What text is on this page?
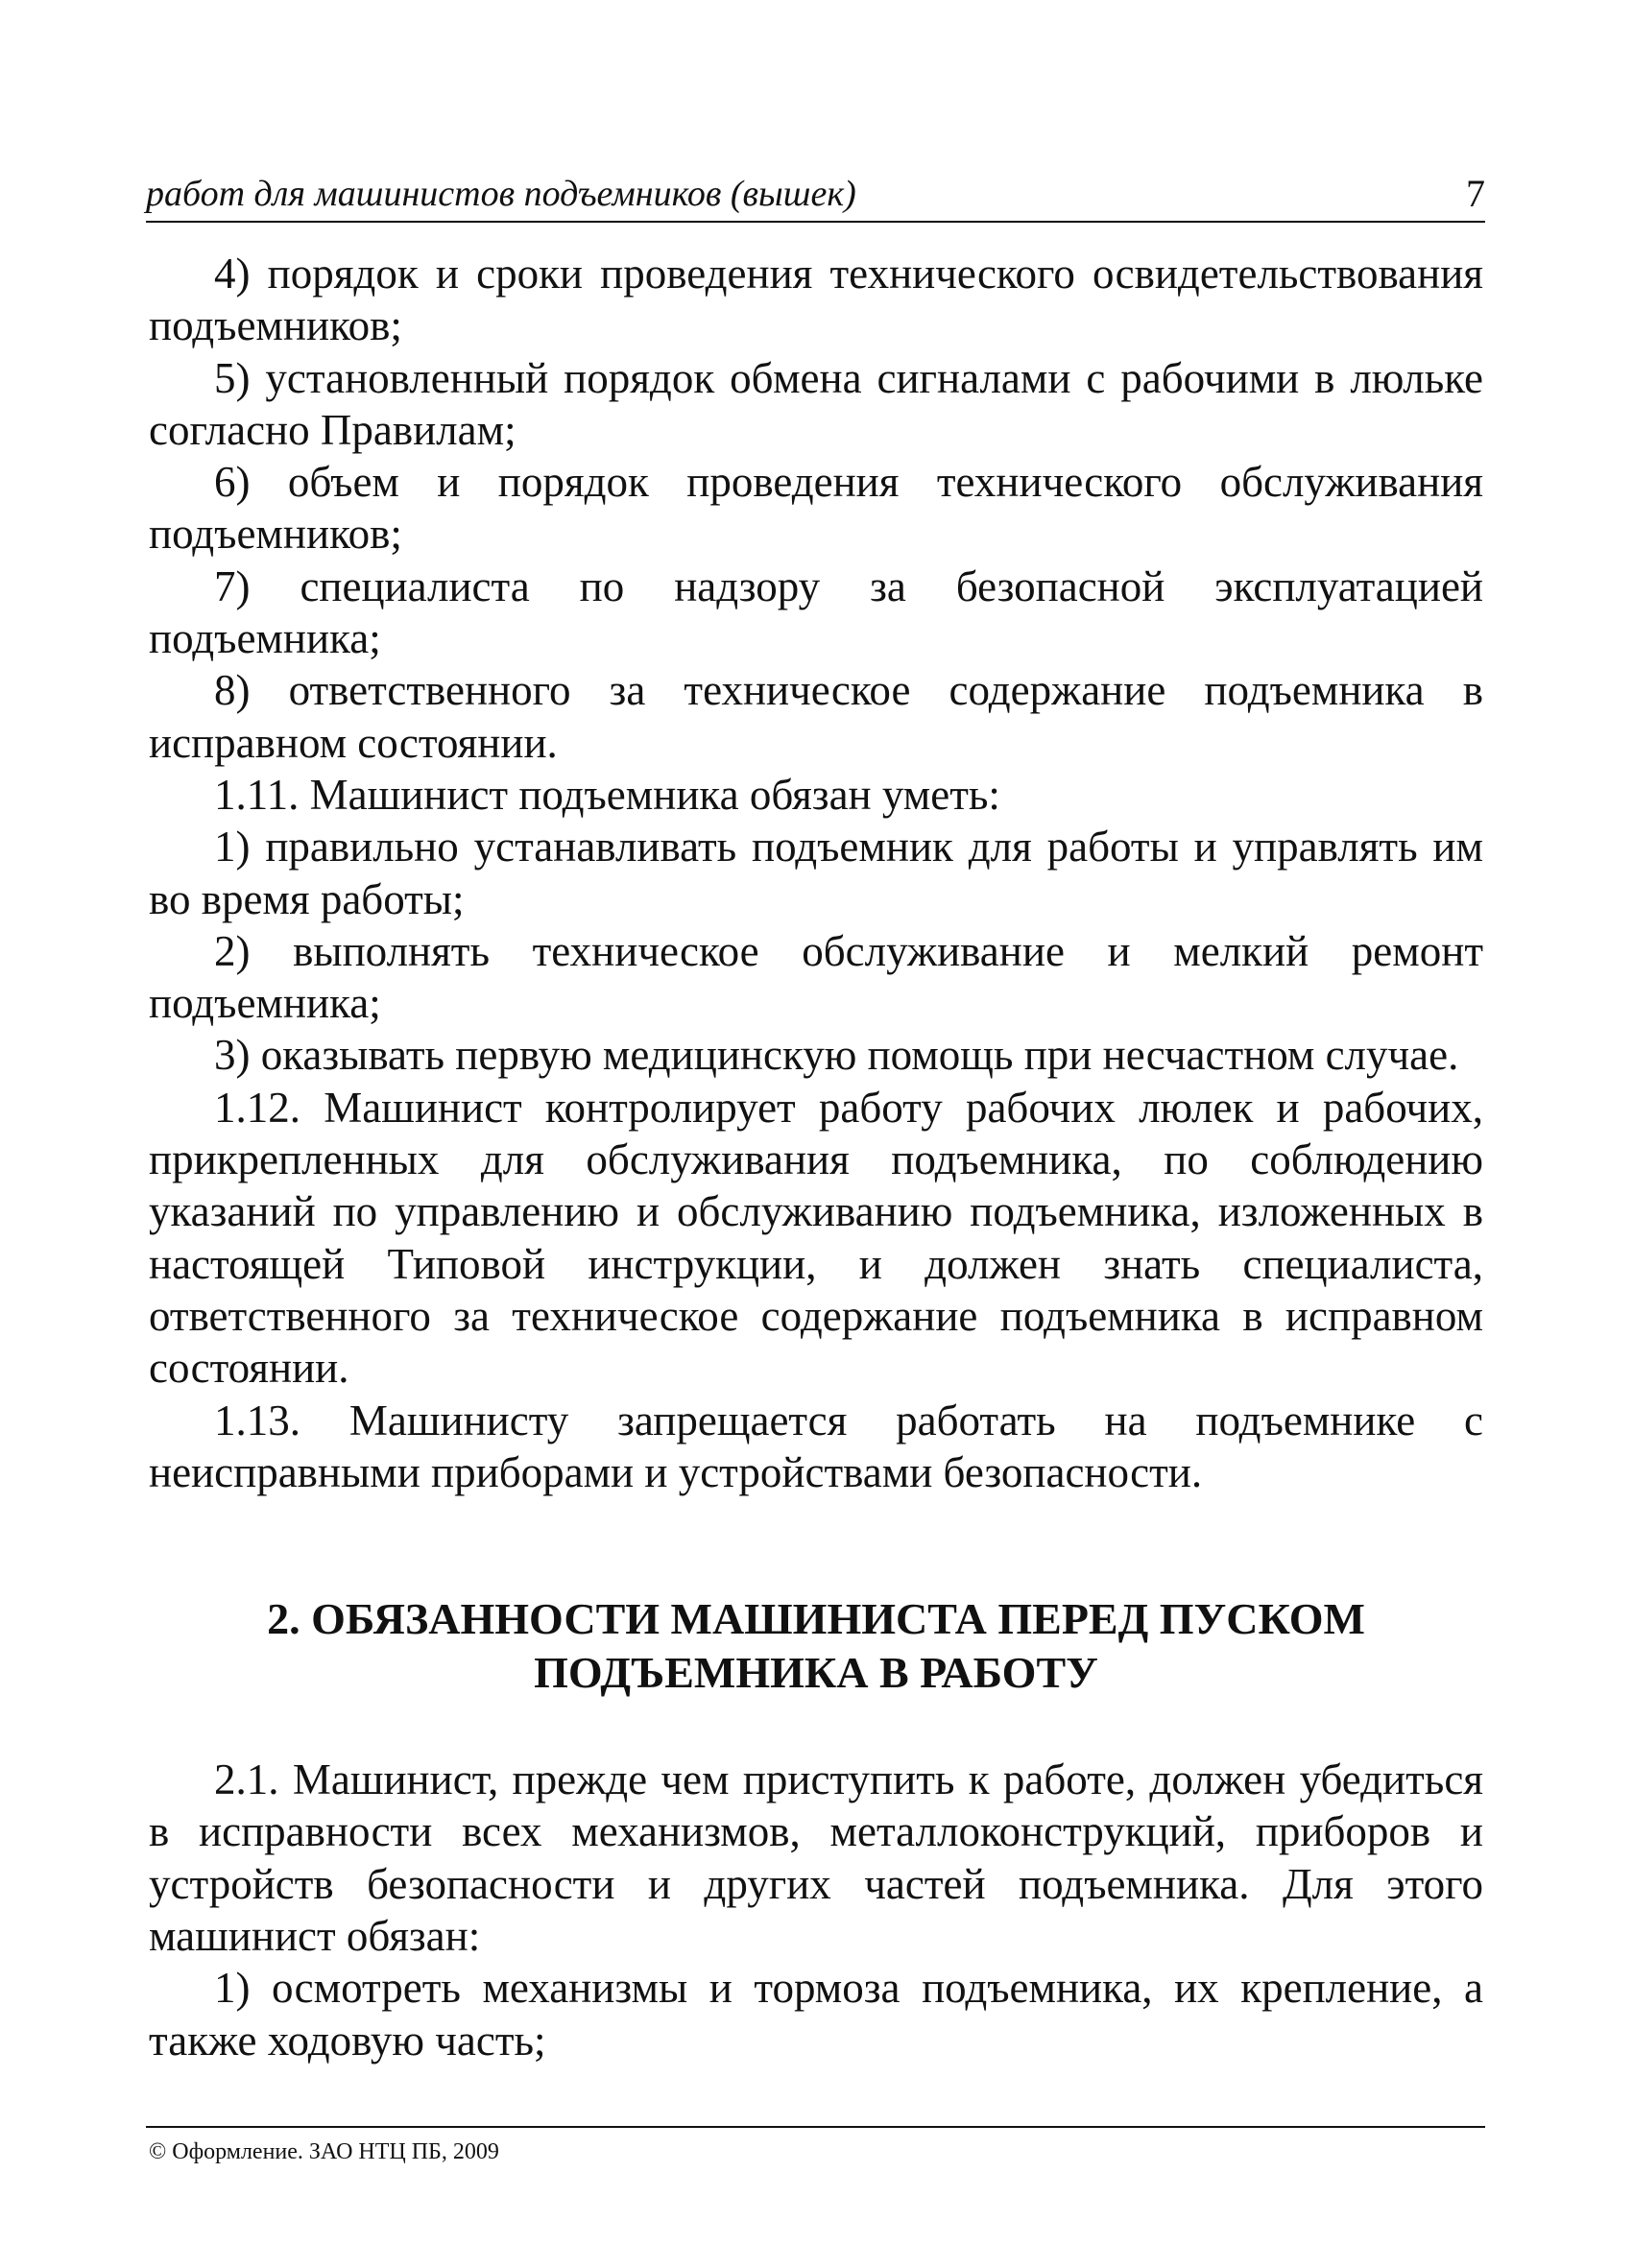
работ для машинистов подъемников (вышек)	7

4) порядок и сроки проведения технического освидетельствования подъемников;

5) установленный порядок обмена сигналами с рабочими в люльке согласно Правилам;

6) объем и порядок проведения технического обслуживания подъемников;

7) специалиста по надзору за безопасной эксплуатацией подъемника;

8) ответственного за техническое содержание подъемника в исправном состоянии.

1.11. Машинист подъемника обязан уметь:

1) правильно устанавливать подъемник для работы и управлять им во время работы;

2) выполнять техническое обслуживание и мелкий ремонт подъемника;

3) оказывать первую медицинскую помощь при несчастном случае.

1.12. Машинист контролирует работу рабочих люлек и рабочих, прикрепленных для обслуживания подъемника, по соблюдению указаний по управлению и обслуживанию подъемника, изложенных в настоящей Типовой инструкции, и должен знать специалиста, ответственного за техническое содержание подъемника в исправном состоянии.

1.13. Машинисту запрещается работать на подъемнике с неисправными приборами и устройствами безопасности.

2. ОБЯЗАННОСТИ МАШИНИСТА ПЕРЕД ПУСКОМ
ПОДЪЕМНИКА В РАБОТУ

2.1. Машинист, прежде чем приступить к работе, должен убедиться в исправности всех механизмов, металлоконструкций, приборов и устройств безопасности и других частей подъемника. Для этого машинист обязан:

1) осмотреть механизмы и тормоза подъемника, их крепление, а также ходовую часть;

© Оформление. ЗАО НТЦ ПБ, 2009
